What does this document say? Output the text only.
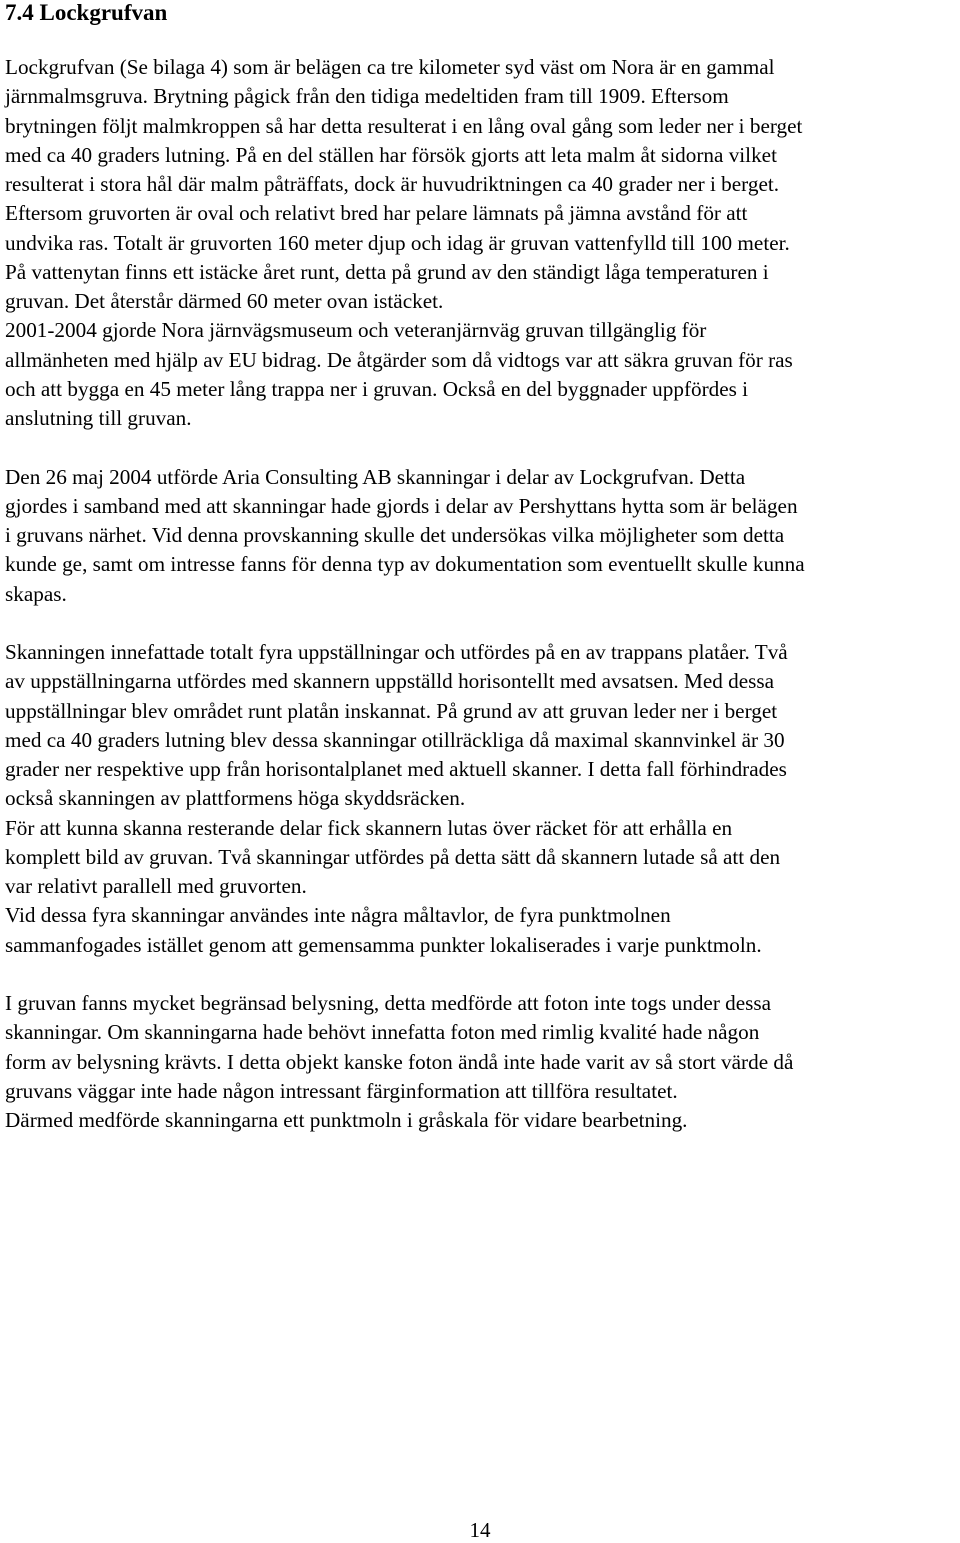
7.4 Lockgrufvan
Lockgrufvan (Se bilaga 4) som är belägen ca tre kilometer syd väst om Nora är en gammal
järnmalmsgruva. Brytning pågick från den tidiga medeltiden fram till 1909. Eftersom
brytningen följt malmkroppen så har detta resulterat i en lång oval gång som leder ner i berget
med ca 40 graders lutning. På en del ställen har försök gjorts att leta malm åt sidorna vilket
resulterat i stora hål där malm påträffats, dock är huvudriktningen ca 40 grader ner i berget.
Eftersom gruvorten är oval och relativt bred har pelare lämnats på jämna avstånd för att
undvika ras. Totalt är gruvorten 160 meter djup och idag är gruvan vattenfylld till 100 meter.
På vattenytan finns ett istäcke året runt, detta på grund av den ständigt låga temperaturen i
gruvan. Det återstår därmed 60 meter ovan istäcket.
2001-2004 gjorde Nora järnvägsmuseum och veteranjärnväg gruvan tillgänglig för
allmänheten med hjälp av EU bidrag. De åtgärder som då vidtogs var att säkra gruvan för ras
och att bygga en 45 meter lång trappa ner i gruvan. Också en del byggnader uppfördes i
anslutning till gruvan.
Den 26 maj 2004 utförde Aria Consulting AB skanningar i delar av Lockgrufvan. Detta
gjordes i samband med att skanningar hade gjords i delar av Pershyttans hytta som är belägen
i gruvans närhet. Vid denna provskanning skulle det undersökas vilka möjligheter som detta
kunde ge, samt om intresse fanns för denna typ av dokumentation som eventuellt skulle kunna
skapas.
Skanningen innefattade totalt fyra uppställningar och utfördes på en av trappans platåer. Två
av uppställningarna utfördes med skannern uppställd horisontellt med avsatsen. Med dessa
uppställningar blev området runt platån inskannat. På grund av att gruvan leder ner i berget
med ca 40 graders lutning blev dessa skanningar otillräckliga då maximal skannvinkel är 30
grader ner respektive upp från horisontalplanet med aktuell skanner. I detta fall förhindrades
också skanningen av plattformens höga skyddsräcken.
För att kunna skanna resterande delar fick skannern lutas över räcket för att erhålla en
komplett bild av gruvan. Två skanningar utfördes på detta sätt då skannern lutade så att den
var relativt parallell med gruvorten.
Vid dessa fyra skanningar användes inte några måltavlor, de fyra punktmolnen
sammanfogades istället genom att gemensamma punkter lokaliserades i varje punktmoln.
I gruvan fanns mycket begränsad belysning, detta medförde att foton inte togs under dessa
skanningar. Om skanningarna hade behövt innefatta foton med rimlig kvalité hade någon
form av belysning krävts. I detta objekt kanske foton ändå inte hade varit av så stort värde då
gruvans väggar inte hade någon intressant färginformation att tillföra resultatet.
Därmed medförde skanningarna ett punktmoln i gråskala för vidare bearbetning.
14
